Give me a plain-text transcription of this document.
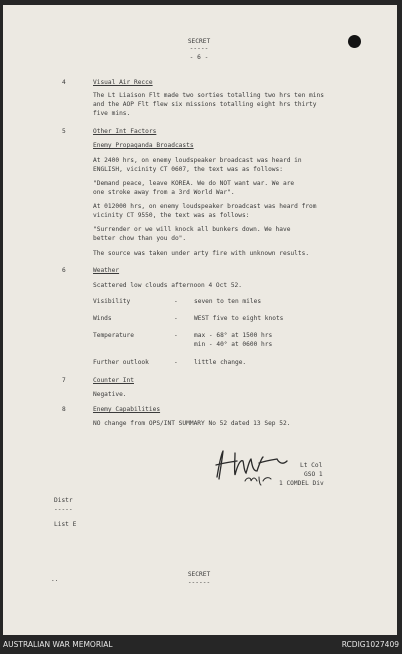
SECRET
-----
- 6 -
4	Visual Air Recce
The Lt Liaison Flt made two sorties totalling two hrs ten mins
and the AOP Flt flew six missions totalling eight hrs thirty
five mins.
5	Other Int Factors
Enemy Propaganda Broadcasts
At 2400 hrs, on enemy loudspeaker broadcast was heard in
ENGLISH, vicinity CT 0607, the text was as follows:
"Demand peace, leave KOREA. We do NOT want war. We are
one stroke away from a 3rd World War".
At 012000 hrs, on enemy loudspeaker broadcast was heard from
vicinity CT 9550, the text was as follows:
"Surrender or we will knock all bunkers down. We have
better chow than you do".
The source was taken under arty fire with unknown results.
6	Weather
Scattered low clouds afternoon 4 Oct 52.
Visibility	-	seven to ten miles
Winds	-	WEST five to eight knots
Temperature	-	max - 68° at 1500 hrs
min - 40° at 0600 hrs
Further outlook	-	little change.
7	Counter Int
Negative.
8	Enemy Capabilities
NO change from OPS/INT SUMMARY No 52 dated 13 Sep 52.
Lt Col
GSO 1
1 COMDEL Div
Distr
-----
List E
..
SECRET
------
AUSTRALIAN WAR MEMORIAL	RCDIG1027409
